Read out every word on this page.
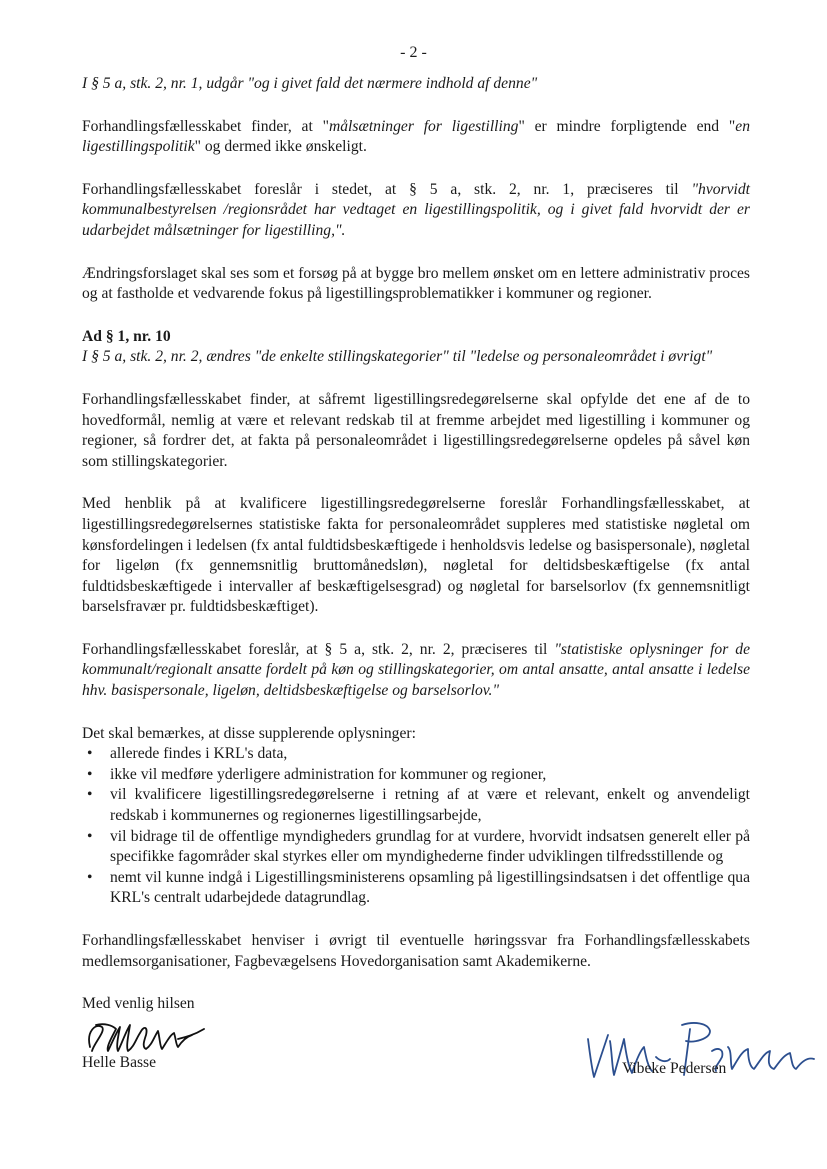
- 2 -

I § 5 a, stk. 2, nr. 1, udgår "og i givet fald det nærmere indhold af denne"

Forhandlingsfællesskabet finder, at "målsætninger for ligestilling" er mindre forpligtende end "en ligestillingspolitik" og dermed ikke ønskeligt.

Forhandlingsfællesskabet foreslår i stedet, at § 5 a, stk. 2, nr. 1, præciseres til "hvorvidt kommunalbestyrelsen /regionsrådet har vedtaget en ligestillingspolitik, og i givet fald hvorvidt der er udarbejdet målsætninger for ligestilling,".

Ændringsforslaget skal ses som et forsøg på at bygge bro mellem ønsket om en lettere administrativ proces og at fastholde et vedvarende fokus på ligestillingsproblematikker i kommuner og regioner.

Ad § 1, nr. 10

I § 5 a, stk. 2, nr. 2, ændres "de enkelte stillingskategorier" til "ledelse og personaleområdet i øvrigt"

Forhandlingsfællesskabet finder, at såfremt ligestillingsredegørelserne skal opfylde det ene af de to hovedformål, nemlig at være et relevant redskab til at fremme arbejdet med ligestilling i kommuner og regioner, så fordrer det, at fakta på personaleområdet i ligestillingsredegørelserne opdeles på såvel køn som stillingskategorier.

Med henblik på at kvalificere ligestillingsredegørelserne foreslår Forhandlingsfællesskabet, at ligestillingsredegørelsernes statistiske fakta for personaleområdet suppleres med statistiske nøgletal om kønsfordelingen i ledelsen (fx antal fuldtidsbeskæftigede i henholdsvis ledelse og basispersonale), nøgletal for ligeløn (fx gennemsnitlig bruttomånedsløn), nøgletal for deltidsbeskæftigelse (fx antal fuldtidsbeskæftigede i intervaller af beskæftigelsesgrad) og nøgletal for barselsorlov (fx gennemsnitligt barselsfravær pr. fuldtidsbeskæftiget).

Forhandlingsfællesskabet foreslår, at § 5 a, stk. 2, nr. 2, præciseres til "statistiske oplysninger for de kommunalt/regionalt ansatte fordelt på køn og stillingskategorier, om antal ansatte, antal ansatte i ledelse hhv. basispersonale, ligeløn, deltidsbeskæftigelse og barselsorlov."

Det skal bemærkes, at disse supplerende oplysninger:

• allerede findes i KRL's data,
• ikke vil medføre yderligere administration for kommuner og regioner,
• vil kvalificere ligestillingsredegørelserne i retning af at være et relevant, enkelt og anvendeligt redskab i kommunernes og regionernes ligestillingsarbejde,
• vil bidrage til de offentlige myndigheders grundlag for at vurdere, hvorvidt indsatsen generelt eller på specifikke fagområder skal styrkes eller om myndighederne finder udviklingen tilfredsstillende og
• nemt vil kunne indgå i Ligestillingsministerens opsamling på ligestillingsindsatsen i det offentlige qua KRL's centralt udarbejdede datagrundlag.

Forhandlingsfællesskabet henviser i øvrigt til eventuelle høringssvar fra Forhandlingsfællesskabets medlemsorganisationer, Fagbevægelsens Hovedorganisation samt Akademikerne.

Med venlig hilsen

Helle Basse	Vibeke Pedersen
